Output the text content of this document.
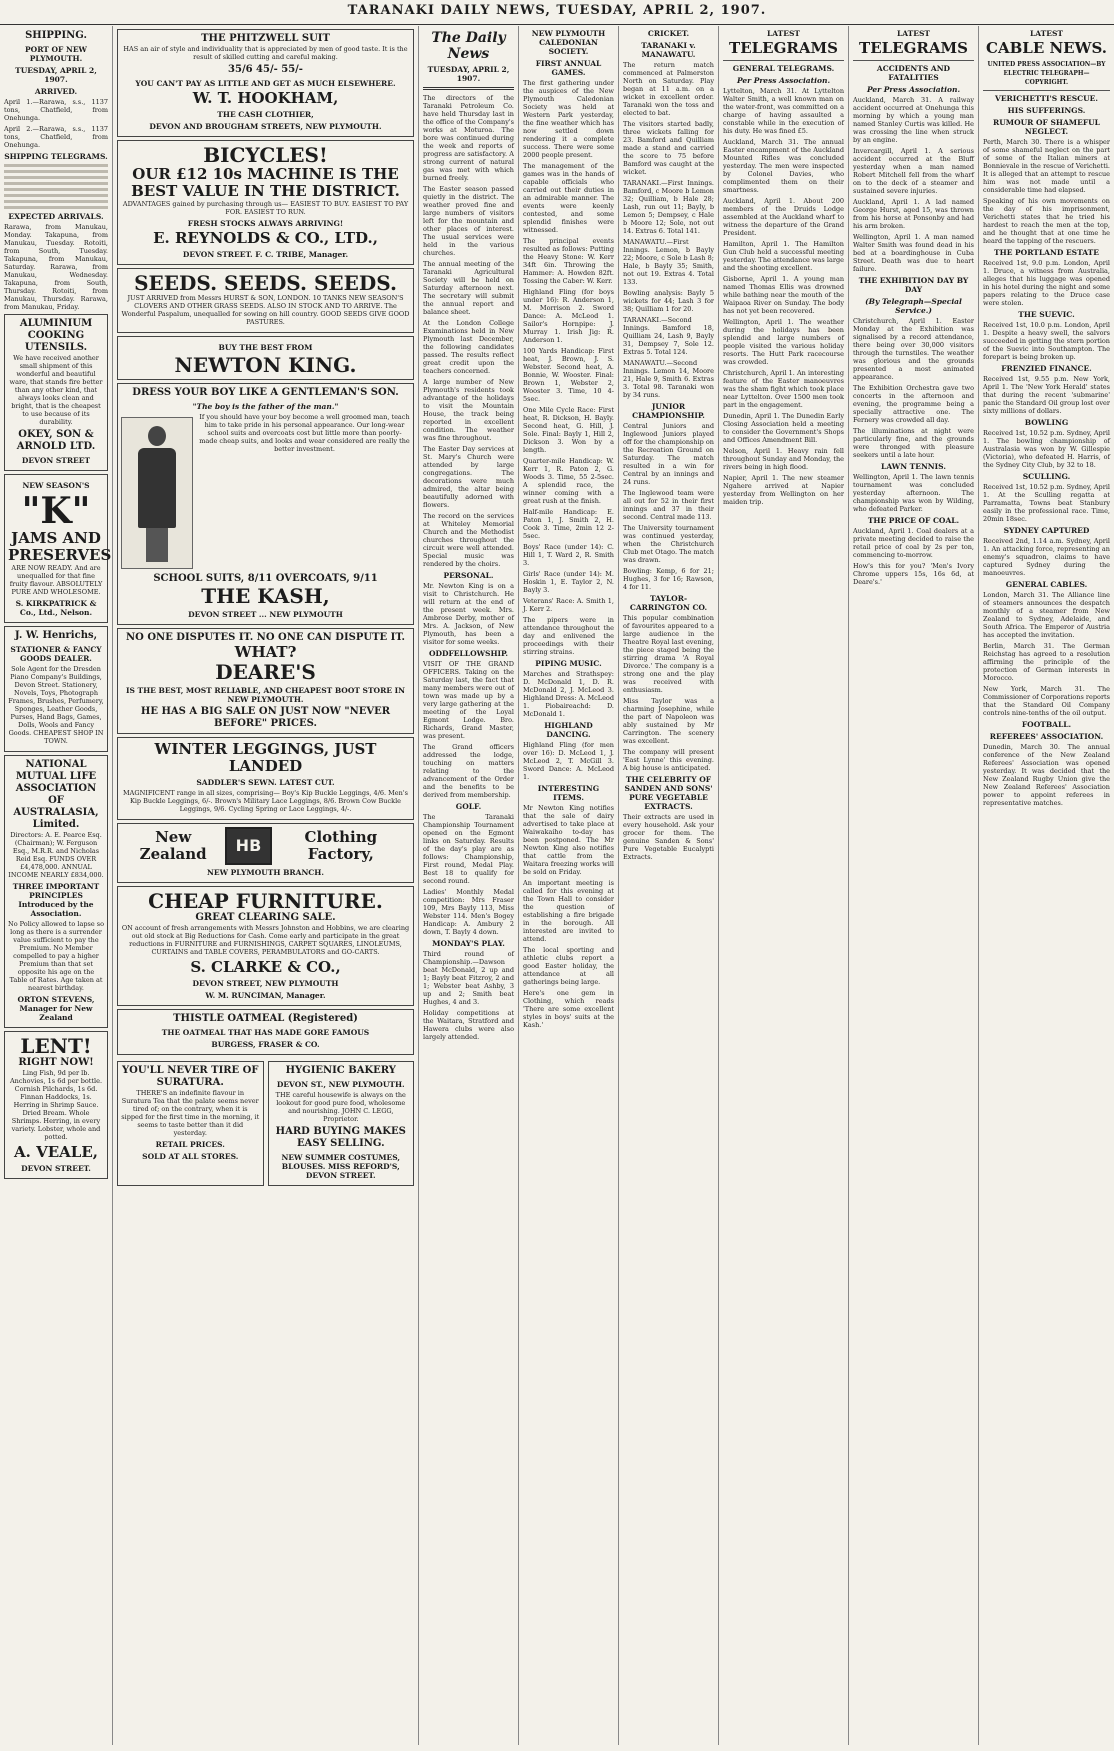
TARANAKI DAILY NEWS, TUESDAY, APRIL 2, 1907.
SHIPPING.
PORT OF NEW PLYMOUTH.
TUESDAY, APRIL 2, 1907.
ARRIVED.

April 1.—Rarawa, s.s., 1137 tons, Chatfield, from Onehunga.

April 2.—Rarawa, s.s., 1137 tons, Chatfield, from Onehunga.

SHIPPING TELEGRAMS.
EXPECTED ARRIVALS.

Rarawa, from Manukau, Monday. Takapuna, from Manukau, Tuesday. Rotoiti, from South, Tuesday. Takapuna, from Manukau, Saturday. Rarawa, from Manukau, Wednesday. Takapuna, from South, Thursday. Rotoiti, from Manukau, Thursday. Rarawa, from Manukau, Friday.

ALUMINIUM COOKING UTENSILS.

We have received another small shipment of this wonderful and beautiful ware, that stands fire better than any other kind, that always looks clean and bright, that is the cheapest to use because of its durability.

OKEY, SON & ARNOLD LTD.
DEVON STREET
NEW SEASON'S
"K"
JAMS AND PRESERVES

ARE NOW READY. And are unequalled for that fine fruity flavour. ABSOLUTELY PURE AND WHOLESOME.

S. KIRKPATRICK & Co., Ltd., Nelson.
J. W. Henrichs,
STATIONER & FANCY GOODS DEALER.

Sole Agent for the Dresden Piano Company's Buildings, Devon Street. Stationery, Novels, Toys, Photograph Frames, Brushes, Perfumery, Sponges, Leather Goods, Purses, Hand Bags, Games, Dolls, Wools and Fancy Goods. CHEAPEST SHOP IN TOWN.

NATIONAL MUTUAL LIFE ASSOCIATION OF AUSTRALASIA, Limited.

Directors: A. E. Pearce Esq. (Chairman); W. Ferguson Esq., M.R.R. and Nicholas Reid Esq. FUNDS OVER £4,478,000. ANNUAL INCOME NEARLY £834,000.

THREE IMPORTANT PRINCIPLES Introduced by the Association.

No Policy allowed to lapse so long as there is a surrender value sufficient to pay the Premium. No Member compelled to pay a higher Premium than that set opposite his age on the Table of Rates. Age taken at nearest birthday.

ORTON STEVENS, Manager for New Zealand
LENT!
RIGHT NOW!

Ling Fish, 9d per lb. Anchovies, 1s 6d per bottle. Cornish Pilchards, 1s 6d. Finnan Haddocks, 1s. Herring in Shrimp Sauce. Dried Bream. Whole Shrimps. Herring, in every variety. Lobster, whole and potted.

A. VEALE,
DEVON STREET.
THE PHITZWELL SUIT

HAS an air of style and individuality that is appreciated by men of good taste. It is the result of skilled cutting and careful making.

35/6 45/- 55/-
YOU CAN'T PAY AS LITTLE AND GET AS MUCH ELSEWHERE.
W. T. HOOKHAM,
THE CASH CLOTHIER,
DEVON AND BROUGHAM STREETS, NEW PLYMOUTH.
BICYCLES!
OUR £12 10s MACHINE IS THE BEST VALUE IN THE DISTRICT.

ADVANTAGES gained by purchasing through us— EASIEST TO BUY. EASIEST TO PAY FOR. EASIEST TO RUN.

FRESH STOCKS ALWAYS ARRIVING!
E. REYNOLDS & CO., LTD.,
DEVON STREET. F. C. TRIBE, Manager.
SEEDS. SEEDS. SEEDS.

JUST ARRIVED from Messrs HURST & SON, LONDON. 10 TANKS NEW SEASON'S CLOVERS AND OTHER GRASS SEEDS. ALSO IN STOCK AND TO ARRIVE. The Wonderful Paspalum, unequalled for sowing on hill country. GOOD SEEDS GIVE GOOD PASTURES.

BUY THE BEST FROM
NEWTON KING.
DRESS YOUR BOY LIKE A GENTLEMAN'S SON.
"The boy is the father of the man."

If you should have your boy become a well groomed man, teach him to take pride in his personal appearance. Our long-wear school suits and overcoats cost but little more than poorly-made cheap suits, and looks and wear considered are really the better investment.

SCHOOL SUITS, 8/11 OVERCOATS, 9/11
THE KASH,
DEVON STREET ... NEW PLYMOUTH
NO ONE DISPUTES IT. NO ONE CAN DISPUTE IT.
WHAT?
DEARE'S
IS THE BEST, MOST RELIABLE, AND CHEAPEST BOOT STORE IN NEW PLYMOUTH.
HE HAS A BIG SALE ON JUST NOW "NEVER BEFORE" PRICES.
WINTER LEGGINGS, JUST LANDED
SADDLER'S SEWN. LATEST CUT.

MAGNIFICENT range in all sizes, comprising— Boy's Kip Buckle Leggings, 4/6. Men's Kip Buckle Leggings, 6/-. Brown's Military Lace Leggings, 8/6. Brown Cow Buckle Leggings, 9/6. Cycling Spring or Lace Leggings, 4/-.

New Zealand	HB	Clothing Factory,
NEW PLYMOUTH BRANCH.
CHEAP FURNITURE.
GREAT CLEARING SALE.

ON account of fresh arrangements with Messrs Johnston and Hobbins, we are clearing out old stock at Big Reductions for Cash. Come early and participate in the great reductions in FURNITURE and FURNISHINGS, CARPET SQUARES, LINOLEUMS, CURTAINS and TABLE COVERS, PERAMBULATORS and GO-CARTS.

S. CLARKE & CO.,
DEVON STREET, NEW PLYMOUTH
W. M. RUNCIMAN, Manager.
THISTLE OATMEAL (Registered)
THE OATMEAL THAT HAS MADE GORE FAMOUS
BURGESS, FRASER & CO.
YOU'LL NEVER TIRE OF SURATURA.

THERE'S an indefinite flavour in Suratura Tea that the palate seems never tired of; on the contrary, when it is sipped for the first time in the morning, it seems to taste better than it did yesterday.

RETAIL PRICES.
SOLD AT ALL STORES.
HYGIENIC BAKERY
DEVON ST., NEW PLYMOUTH.

THE careful housewife is always on the lookout for good pure food, wholesome and nourishing. JOHN C. LEGG, Proprietor.

HARD BUYING MAKES EASY SELLING.
NEW SUMMER COSTUMES, BLOUSES. MISS REFORD'S, DEVON STREET.
The Daily News
TUESDAY, APRIL 2, 1907.

The directors of the Taranaki Petroleum Co. have held Thursday last in the office of the Company's works at Moturoa. The bore was continued during the week and reports of progress are satisfactory. A strong current of natural gas was met with which burned freely.

The Easter season passed quietly in the district. The weather proved fine and large numbers of visitors left for the mountain and other places of interest. The usual services were held in the various churches.

The annual meeting of the Taranaki Agricultural Society will be held on Saturday afternoon next. The secretary will submit the annual report and balance sheet.

At the London College Examinations held in New Plymouth last December, the following candidates passed. The results reflect great credit upon the teachers concerned.

A large number of New Plymouth's residents took advantage of the holidays to visit the Mountain House, the track being reported in excellent condition. The weather was fine throughout.

The Easter Day services at St. Mary's Church were attended by large congregations. The decorations were much admired, the altar being beautifully adorned with flowers.

The record on the services at Whiteley Memorial Church and the Methodist churches throughout the circuit were well attended. Special music was rendered by the choirs.

PERSONAL.

Mr. Newton King is on a visit to Christchurch. He will return at the end of the present week. Mrs. Ambrose Derby, mother of Mrs. A. Jackson, of New Plymouth, has been a visitor for some weeks.

ODDFELLOWSHIP.

VISIT OF THE GRAND OFFICERS. Taking on the Saturday last, the fact that many members were out of town was made up by a very large gathering at the meeting of the Loyal Egmont Lodge. Bro. Richards, Grand Master, was present.

The Grand officers addressed the lodge, touching on matters relating to the advancement of the Order and the benefits to be derived from membership.

GOLF.

The Taranaki Championship Tournament opened on the Egmont links on Saturday. Results of the day's play are as follows: Championship, First round, Medal Play. Best 18 to qualify for second round.

Ladies' Monthly Medal competition: Mrs Fraser 109, Mrs Bayly 113, Miss Webster 114. Men's Bogey Handicap: A. Ambury 2 down, T. Bayly 4 down.

MONDAY'S PLAY.

Third round of Championship.—Dawson beat McDonald, 2 up and 1; Bayly beat Fitzroy, 2 and 1; Webster beat Ashby, 3 up and 2; Smith beat Hughes, 4 and 3.

Holiday competitions at the Waitara, Stratford and Hawera clubs were also largely attended.

NEW PLYMOUTH CALEDONIAN SOCIETY.
FIRST ANNUAL GAMES.

The first gathering under the auspices of the New Plymouth Caledonian Society was held at Western Park yesterday, the fine weather which has now settled down rendering it a complete success. There were some 2000 people present.

The management of the games was in the hands of capable officials who carried out their duties in an admirable manner. The events were keenly contested, and some splendid finishes were witnessed.

The principal events resulted as follows: Putting the Heavy Stone: W. Kerr 34ft 6in. Throwing the Hammer: A. Howden 82ft. Tossing the Caber: W. Kerr.

Highland Fling (for boys under 16): R. Anderson 1, M. Morrison 2. Sword Dance: A. McLeod 1. Sailor's Hornpipe: J. Murray 1. Irish Jig: R. Anderson 1.

100 Yards Handicap: First heat, J. Brown, J. S. Webster. Second heat, A. Bonnie, W. Wooster. Final: Brown 1, Webster 2, Wooster 3. Time, 10 4-5sec.

One Mile Cycle Race: First heat, R. Dickson, H. Bayly. Second heat, G. Hill, J. Sole. Final: Bayly 1, Hill 2, Dickson 3. Won by a length.

Quarter-mile Handicap: W. Kerr 1, R. Paton 2, G. Woods 3. Time, 55 2-5sec. A splendid race, the winner coming with a great rush at the finish.

Half-mile Handicap: E. Paton 1, J. Smith 2, H. Cook 3. Time, 2min 12 2-5sec.

Boys' Race (under 14): C. Hill 1, T. Ward 2, R. Smith 3.

Girls' Race (under 14): M. Hoskin 1, E. Taylor 2, N. Bayly 3.

Veterans' Race: A. Smith 1, J. Kerr 2.

The pipers were in attendance throughout the day and enlivened the proceedings with their stirring strains.

PIPING MUSIC.

Marches and Strathspey: D. McDonald 1, D. R. McDonald 2, J. McLeod 3. Highland Dress: A. McLeod 1. Piobaireachd: D. McDonald 1.

HIGHLAND DANCING.

Highland Fling (for men over 16): D. McLeod 1, J. McLeod 2, T. McGill 3. Sword Dance: A. McLeod 1.

INTERESTING ITEMS.

Mr Newton King notifies that the sale of dairy advertised to take place at Waiwakaiho to-day has been postponed. The Mr Newton King also notifies that cattle from the Waitara freezing works will be sold on Friday.

An important meeting is called for this evening at the Town Hall to consider the question of establishing a fire brigade in the borough. All interested are invited to attend.

The local sporting and athletic clubs report a good Easter holiday, the attendance at all gatherings being large.

Here's one gem in Clothing, which reads 'There are some excellent styles in boys' suits at the Kash.'

CRICKET.
TARANAKI v. MANAWATU.

The return match commenced at Palmerston North on Saturday. Play began at 11 a.m. on a wicket in excellent order. Taranaki won the toss and elected to bat.

The visitors started badly, three wickets falling for 23. Bamford and Quilliam made a stand and carried the score to 75 before Bamford was caught at the wicket.

TARANAKI.—First Innings. Bamford, c Moore b Lemon 32; Quilliam, b Hale 28; Lash, run out 11; Bayly, b Lemon 5; Dempsey, c Hale b Moore 12; Sole, not out 14. Extras 6. Total 141.

MANAWATU.—First Innings. Lemon, b Bayly 22; Moore, c Sole b Lash 8; Hale, b Bayly 35; Smith, not out 19. Extras 4. Total 133.

Bowling analysis: Bayly 5 wickets for 44; Lash 3 for 38; Quilliam 1 for 20.

TARANAKI.—Second Innings. Bamford 18, Quilliam 24, Lash 9, Bayly 31, Dempsey 7, Sole 12. Extras 5. Total 124.

MANAWATU.—Second Innings. Lemon 14, Moore 21, Hale 9, Smith 6. Extras 3. Total 98. Taranaki won by 34 runs.

JUNIOR CHAMPIONSHIP.

Central Juniors and Inglewood Juniors played off for the championship on the Recreation Ground on Saturday. The match resulted in a win for Central by an innings and 24 runs.

The Inglewood team were all out for 52 in their first innings and 37 in their second. Central made 113.

The University tournament was continued yesterday, when the Christchurch Club met Otago. The match was drawn.

Bowling: Kemp, 6 for 21; Hughes, 3 for 16; Rawson, 4 for 11.

TAYLOR-CARRINGTON CO.

This popular combination of favourites appeared to a large audience in the Theatre Royal last evening, the piece staged being the stirring drama 'A Royal Divorce.' The company is a strong one and the play was received with enthusiasm.

Miss Taylor was a charming Josephine, while the part of Napoleon was ably sustained by Mr Carrington. The scenery was excellent.

The company will present 'East Lynne' this evening. A big house is anticipated.

THE CELEBRITY OF SANDEN AND SONS' PURE VEGETABLE EXTRACTS.

Their extracts are used in every household. Ask your grocer for them. The genuine Sanden & Sons' Pure Vegetable Eucalypti Extracts.

LATEST
TELEGRAMS
GENERAL TELEGRAMS.
Per Press Association.

Lyttelton, March 31. At Lyttelton Walter Smith, a well known man on the water-front, was committed on a charge of having assaulted a constable while in the execution of his duty. He was fined £5.

Auckland, March 31. The annual Easter encampment of the Auckland Mounted Rifles was concluded yesterday. The men were inspected by Colonel Davies, who complimented them on their smartness.

Auckland, April 1. About 200 members of the Druids Lodge assembled at the Auckland wharf to witness the departure of the Grand President.

Hamilton, April 1. The Hamilton Gun Club held a successful meeting yesterday. The attendance was large and the shooting excellent.

Gisborne, April 1. A young man named Thomas Ellis was drowned while bathing near the mouth of the Waipaoa River on Sunday. The body has not yet been recovered.

Wellington, April 1. The weather during the holidays has been splendid and large numbers of people visited the various holiday resorts. The Hutt Park racecourse was crowded.

Christchurch, April 1. An interesting feature of the Easter manoeuvres was the sham fight which took place near Lyttelton. Over 1500 men took part in the engagement.

Dunedin, April 1. The Dunedin Early Closing Association held a meeting to consider the Government's Shops and Offices Amendment Bill.

Nelson, April 1. Heavy rain fell throughout Sunday and Monday, the rivers being in high flood.

Napier, April 1. The new steamer Ngahere arrived at Napier yesterday from Wellington on her maiden trip.

LATEST
TELEGRAMS
ACCIDENTS AND FATALITIES
Per Press Association.

Auckland, March 31. A railway accident occurred at Onehunga this morning by which a young man named Stanley Curtis was killed. He was crossing the line when struck by an engine.

Invercargill, April 1. A serious accident occurred at the Bluff yesterday when a man named Robert Mitchell fell from the wharf on to the deck of a steamer and sustained severe injuries.

Auckland, April 1. A lad named George Hurst, aged 15, was thrown from his horse at Ponsonby and had his arm broken.

Wellington, April 1. A man named Walter Smith was found dead in his bed at a boardinghouse in Cuba Street. Death was due to heart failure.

THE EXHIBITION DAY BY DAY
(By Telegraph—Special Service.)

Christchurch, April 1. Easter Monday at the Exhibition was signalised by a record attendance, there being over 30,000 visitors through the turnstiles. The weather was glorious and the grounds presented a most animated appearance.

The Exhibition Orchestra gave two concerts in the afternoon and evening, the programme being a specially attractive one. The Fernery was crowded all day.

The illuminations at night were particularly fine, and the grounds were thronged with pleasure seekers until a late hour.

LAWN TENNIS.

Wellington, April 1. The lawn tennis tournament was concluded yesterday afternoon. The championship was won by Wilding, who defeated Parker.

THE PRICE OF COAL.

Auckland, April 1. Coal dealers at a private meeting decided to raise the retail price of coal by 2s per ton, commencing to-morrow.

How's this for you? 'Men's Ivory Chrome uppers 15s, 16s 6d, at Deare's.'

LATEST
CABLE NEWS.
UNITED PRESS ASSOCIATION—BY ELECTRIC TELEGRAPH—COPYRIGHT.
VERICHETTI'S RESCUE.
HIS SUFFERINGS.
RUMOUR OF SHAMEFUL NEGLECT.

Perth, March 30. There is a whisper of some shameful neglect on the part of some of the Italian miners at Bonnievale in the rescue of Verichetti. It is alleged that an attempt to rescue him was not made until a considerable time had elapsed.

Speaking of his own movements on the day of his imprisonment, Verichetti states that he tried his hardest to reach the men at the top, and he thought that at one time he heard the tapping of the rescuers.

THE PORTLAND ESTATE

Received 1st, 9.0 p.m. London, April 1. Druce, a witness from Australia, alleges that his luggage was opened in his hotel during the night and some papers relating to the Druce case were stolen.

THE SUEVIC.

Received 1st, 10.0 p.m. London, April 1. Despite a heavy swell, the salvors succeeded in getting the stern portion of the Suevic into Southampton. The forepart is being broken up.

FRENZIED FINANCE.

Received 1st, 9.55 p.m. New York, April 1. The 'New York Herald' states that during the recent 'submarine' panic the Standard Oil group lost over sixty millions of dollars.

BOWLING

Received 1st, 10.52 p.m. Sydney, April 1. The bowling championship of Australasia was won by W. Gillespie (Victoria), who defeated H. Harris, of the Sydney City Club, by 32 to 18.

SCULLING.

Received 1st, 10.52 p.m. Sydney, April 1. At the Sculling regatta at Parramatta, Towns beat Stanbury easily in the professional race. Time, 20min 18sec.

SYDNEY CAPTURED

Received 2nd, 1.14 a.m. Sydney, April 1. An attacking force, representing an enemy's squadron, claims to have captured Sydney during the manoeuvres.

GENERAL CABLES.

London, March 31. The Alliance line of steamers announces the despatch monthly of a steamer from New Zealand to Sydney, Adelaide, and South Africa. The Emperor of Austria has accepted the invitation.

Berlin, March 31. The German Reichstag has agreed to a resolution affirming the principle of the protection of German interests in Morocco.

New York, March 31. The Commissioner of Corporations reports that the Standard Oil Company controls nine-tenths of the oil output.

FOOTBALL.
REFEREES' ASSOCIATION.

Dunedin, March 30. The annual conference of the New Zealand Referees' Association was opened yesterday. It was decided that the New Zealand Rugby Union give the New Zealand Referees' Association power to appoint referees in representative matches.
